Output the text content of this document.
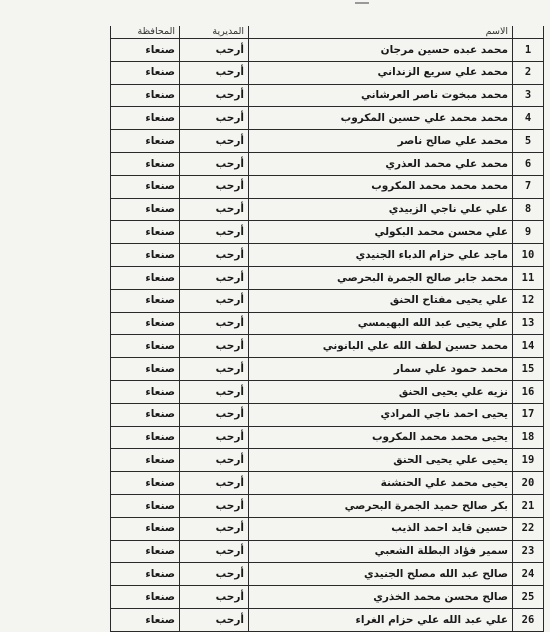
	الاسم	المديرية	المحافظة
1	محمد عبده حسين مرجان	أرحب	صنعاء
2	محمد علي سريع الزنداني	أرحب	صنعاء
3	محمد مبخوت ناصر العرشاني	أرحب	صنعاء
4	محمد محمد علي حسين المكروب	أرحب	صنعاء
5	محمد علي صالح ناصر	أرحب	صنعاء
6	محمد علي محمد العذري	أرحب	صنعاء
7	محمد محمد محمد المكروب	أرحب	صنعاء
8	علي علي ناجي الزبيدي	أرحب	صنعاء
9	علي محسن محمد البكولي	أرحب	صنعاء
10	ماجد علي حزام الدباء الجنيدي	أرحب	صنعاء
11	محمد جابر صالح الجمرة البحرصي	أرحب	صنعاء
12	علي يحيى مفتاح الحنق	أرحب	صنعاء
13	علي يحيى عبد الله البهيمسي	أرحب	صنعاء
14	محمد حسين لطف الله علي البانوني	أرحب	صنعاء
15	محمد حمود علي سمار	أرحب	صنعاء
16	نزيه علي يحيى الحنق	أرحب	صنعاء
17	يحيى احمد ناجي المرادي	أرحب	صنعاء
18	يحيى محمد محمد المكروب	أرحب	صنعاء
19	يحيى علي يحيى الحنق	أرحب	صنعاء
20	يحيى محمد علي الحنشنة	أرحب	صنعاء
21	بكر صالح حميد الجمرة البحرصي	أرحب	صنعاء
22	حسين قايد احمد الذيب	أرحب	صنعاء
23	سمير فؤاد البطلة الشعبي	أرحب	صنعاء
24	صالح عبد الله مصلح الجنيدي	أرحب	صنعاء
25	صالح محسن محمد الخذري	أرحب	صنعاء
26	علي عبد الله علي حزام الغراء	أرحب	صنعاء
